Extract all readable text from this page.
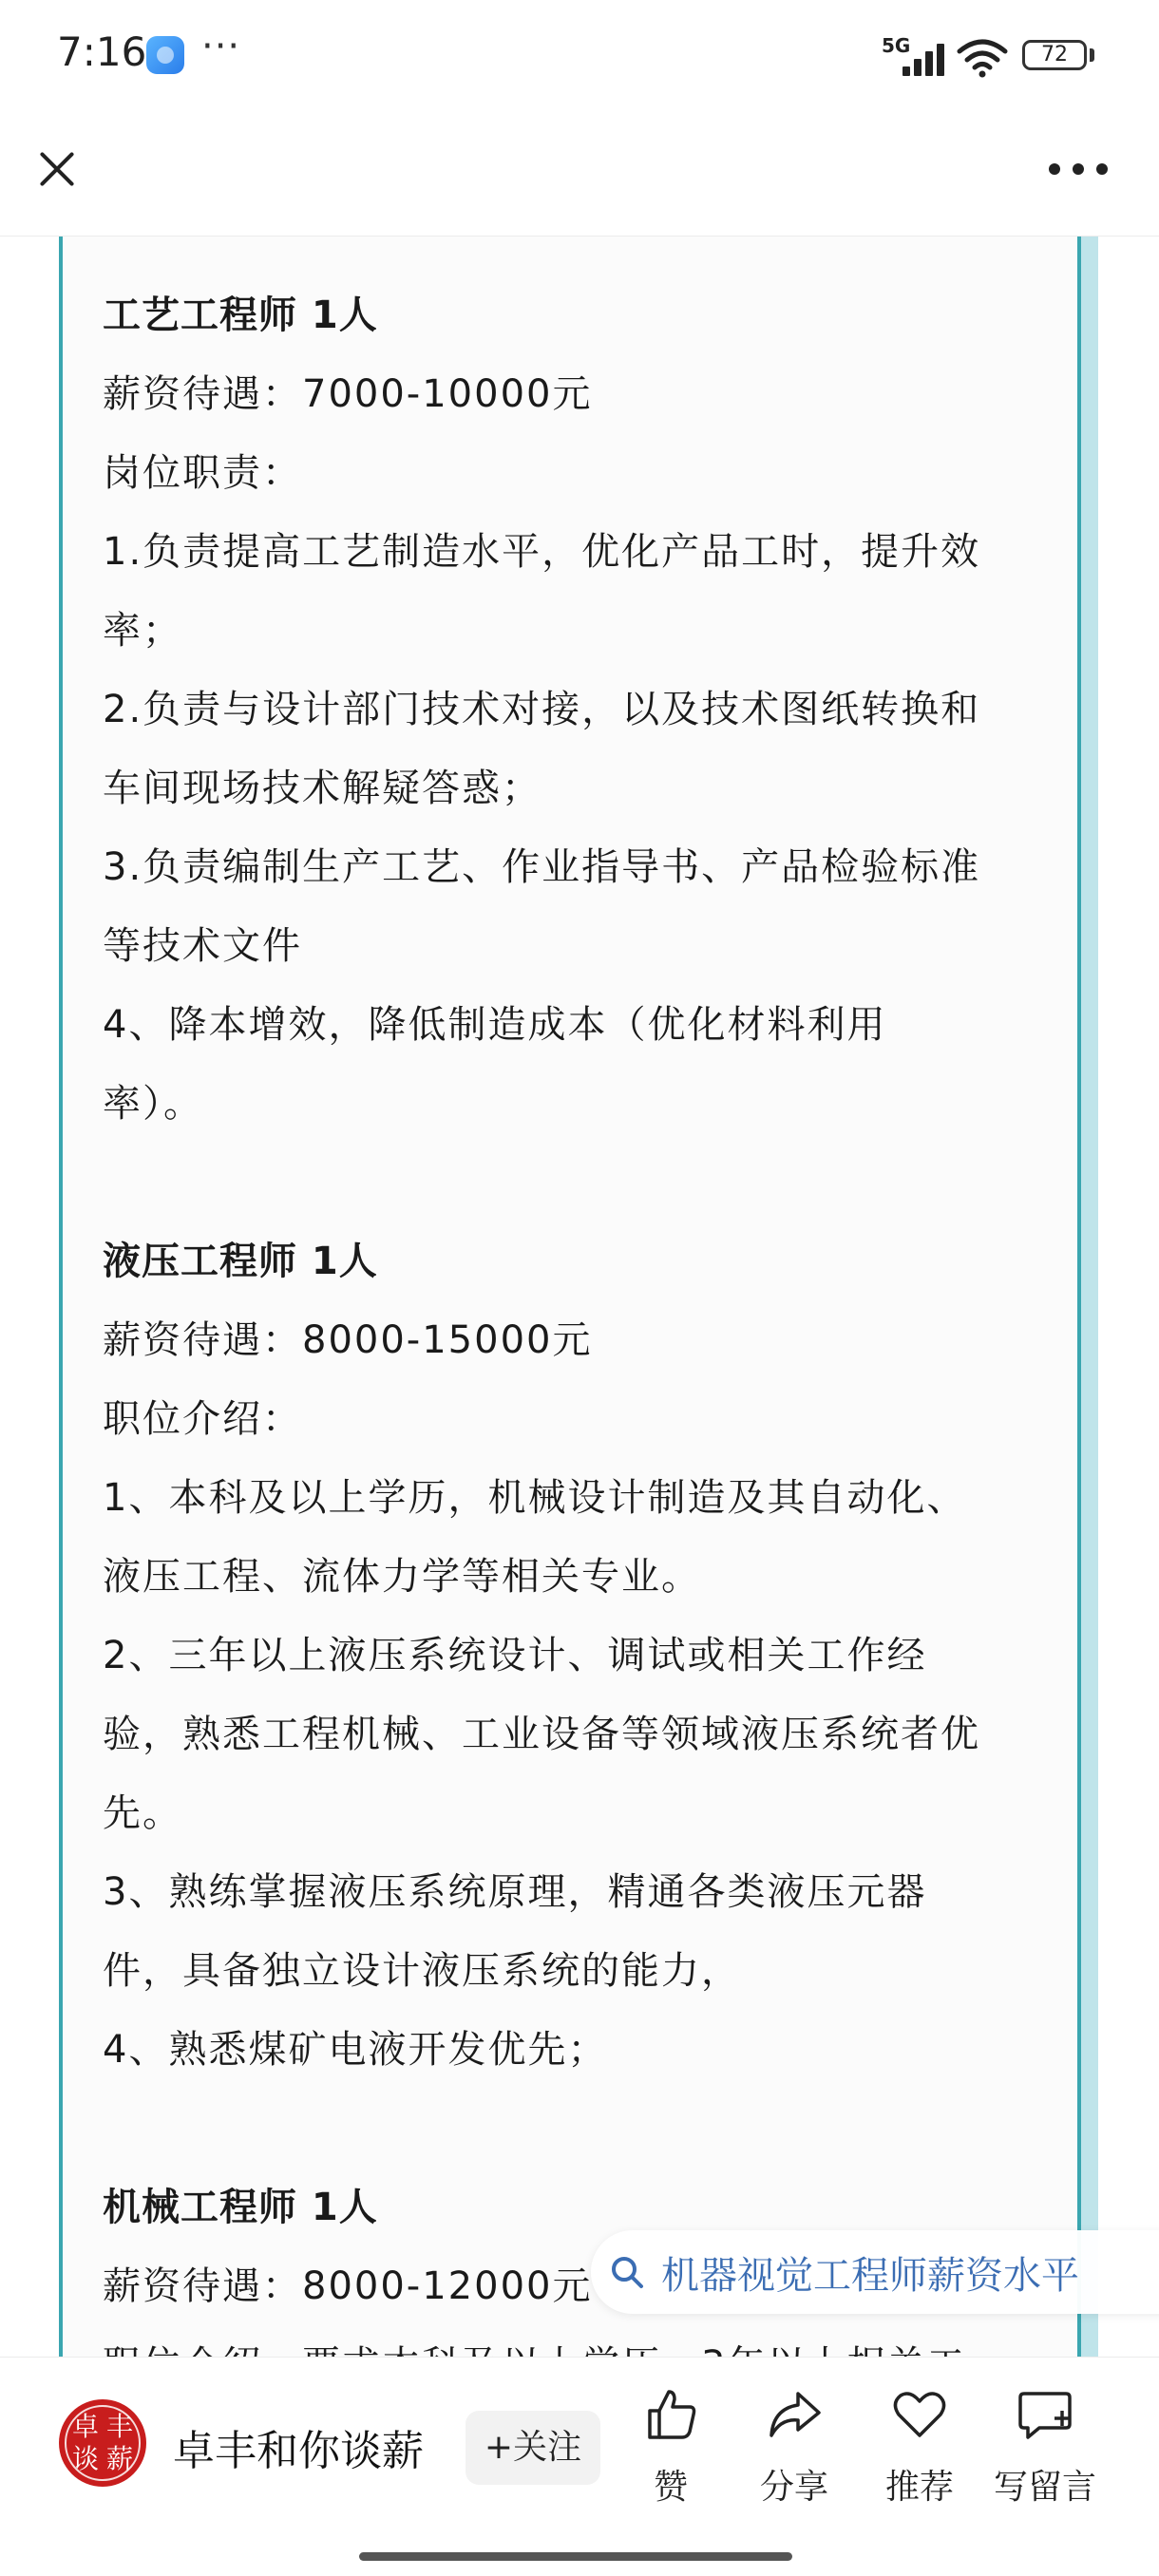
7:16 ···	5G	72
工艺工程师 1人
薪资待遇：7000-10000元
岗位职责：
1.负责提高工艺制造水平，优化产品工时，提升效
率；
2.负责与设计部门技术对接，以及技术图纸转换和
车间现场技术解疑答惑；
3.负责编制生产工艺、作业指导书、产品检验标准
等技术文件
4、降本增效，降低制造成本（优化材料利用
率）。
液压工程师 1人
薪资待遇：8000-15000元
职位介绍：
1、本科及以上学历，机械设计制造及其自动化、
液压工程、流体力学等相关专业。
2、三年以上液压系统设计、调试或相关工作经
验，熟悉工程机械、工业设备等领域液压系统者优
先。
3、熟练掌握液压系统原理，精通各类液压元器
件，具备独立设计液压系统的能力，
4、熟悉煤矿电液开发优先；
机械工程师 1人
薪资待遇：8000-12000元	机器视觉工程师薪资水平
卓 丰
谈 薪 卓丰和你谈薪	+关注
赞	分享	推荐	写留言
